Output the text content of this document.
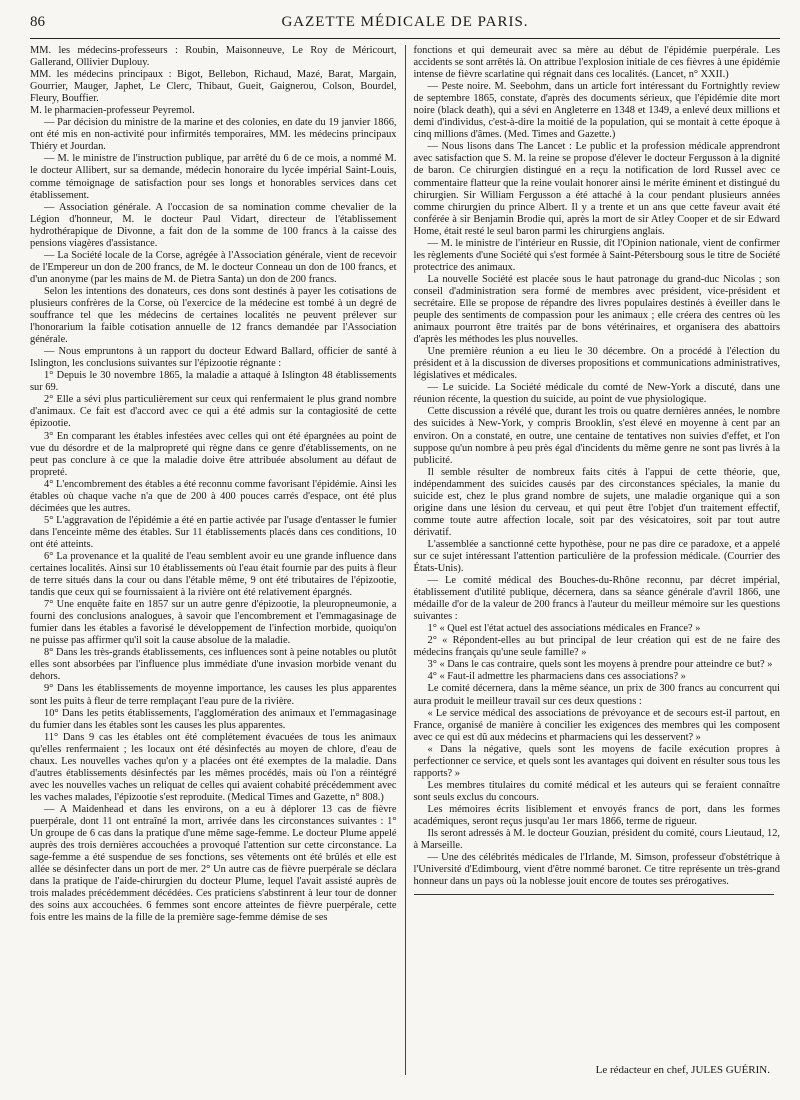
86	GAZETTE MÉDICALE DE PARIS.

MM. les médecins-professeurs : Roubin, Maisonneuve, Le Roy de Méricourt, Gallerand, Ollivier Duplouy.

MM. les médecins principaux : Bigot, Bellebon, Richaud, Mazé, Barat, Margain, Gourrier, Mauger, Japhet, Le Clerc, Thibaut, Gueit, Gaignerou, Colson, Bourdel, Fleury, Bouffier.

M. le pharmacien-professeur Peyremol.

— Par décision du ministre de la marine et des colonies, en date du 19 janvier 1866, ont été mis en non-activité pour infirmités temporaires, MM. les médecins principaux Thiéry et Jourdan.

— M. le ministre de l'instruction publique, par arrêté du 6 de ce mois, a nommé M. le docteur Allibert, sur sa demande, médecin honoraire du lycée impérial Saint-Louis, comme témoignage de satisfaction pour ses longs et honorables services dans cet établissement.

— Association générale. A l'occasion de sa nomination comme chevalier de la Légion d'honneur, M. le docteur Paul Vidart, directeur de l'établissement hydrothérapique de Divonne, a fait don de la somme de 100 francs à la caisse des pensions viagères d'assistance.

— La Société locale de la Corse, agrégée à l'Association générale, vient de recevoir de l'Empereur un don de 200 francs, de M. le docteur Conneau un don de 100 francs, et d'un anonyme (par les mains de M. de Pietra Santa) un don de 200 francs.

Selon les intentions des donateurs, ces dons sont destinés à payer les cotisations de plusieurs confrères de la Corse, où l'exercice de la médecine est tombé à un degré de souffrance tel que les médecins de certaines localités ne peuvent prélever sur l'honorarium la faible cotisation annuelle de 12 francs demandée par l'Association générale.

— Nous empruntons à un rapport du docteur Edward Ballard, officier de santé à Islington, les conclusions suivantes sur l'épizootie régnante :

1° Depuis le 30 novembre 1865, la maladie a attaqué à Islington 48 établissements sur 69.

2° Elle a sévi plus particulièrement sur ceux qui renfermaient le plus grand nombre d'animaux. Ce fait est d'accord avec ce qui a été admis sur la contagiosité de cette épizootie.

3° En comparant les étables infestées avec celles qui ont été épargnées au point de vue du désordre et de la malpropreté qui règne dans ce genre d'établissements, on ne peut pas conclure à ce que la maladie doive être attribuée absolument au défaut de propreté.

4° L'encombrement des étables a été reconnu comme favorisant l'épidémie. Ainsi les étables où chaque vache n'a que de 200 à 400 pouces carrés d'espace, ont été plus décimées que les autres.

5° L'aggravation de l'épidémie a été en partie activée par l'usage d'entasser le fumier dans l'enceinte même des étables. Sur 11 établissements placés dans ces conditions, 10 ont été atteints.

6° La provenance et la qualité de l'eau semblent avoir eu une grande influence dans certaines localités. Ainsi sur 10 établissements où l'eau était fournie par des puits à fleur de terre situés dans la cour ou dans l'étable même, 9 ont été tributaires de l'épizootie, tandis que ceux qui se fournissaient à la rivière ont été relativement épargnés.

7° Une enquête faite en 1857 sur un autre genre d'épizootie, la pleuropneumonie, a fourni des conclusions analogues, à savoir que l'encombrement et l'emmagasinage de fumier dans les étables a favorisé le développement de l'infection morbide, quoiqu'on ne puisse pas affirmer qu'il soit la cause absolue de la maladie.

8° Dans les très-grands établissements, ces influences sont à peine notables ou plutôt elles sont absorbées par l'influence plus immédiate d'une invasion morbide venant du dehors.

9° Dans les établissements de moyenne importance, les causes les plus apparentes sont les puits à fleur de terre remplaçant l'eau pure de la rivière.

10° Dans les petits établissements, l'agglomération des animaux et l'emmagasinage du fumier dans les étables sont les causes les plus apparentes.

11° Dans 9 cas les étables ont été complétement évacuées de tous les animaux qu'elles renfermaient ; les locaux ont été désinfectés au moyen de chlore, d'eau de chaux. Les nouvelles vaches qu'on y a placées ont été exemptes de la maladie. Dans d'autres établissements désinfectés par les mêmes procédés, mais où l'on a réintégré avec les nouvelles vaches un reliquat de celles qui avaient cohabité précédemment avec les vaches malades, l'épizootie s'est reproduite. (Medical Times and Gazette, n° 808.)

— A Maidenhead et dans les environs, on a eu à déplorer 13 cas de fièvre puerpérale, dont 11 ont entraîné la mort, arrivée dans les circonstances suivantes : 1° Un groupe de 6 cas dans la pratique d'une même sage-femme. Le docteur Plume appelé auprès des trois dernières accouchées a provoqué l'attention sur cette circonstance. La sage-femme a été suspendue de ses fonctions, ses vêtements ont été brûlés et elle est allée se désinfecter dans un port de mer. 2° Un autre cas de fièvre puerpérale se déclara dans la pratique de l'aide-chirurgien du docteur Plume, lequel l'avait assisté auprès de trois malades précédemment décédées. Ces praticiens s'abstinrent à leur tour de donner des soins aux accouchées. 6 femmes sont encore atteintes de fièvre puerpérale, cette fois entre les mains de la fille de la première sage-femme démise de ses

fonctions et qui demeurait avec sa mère au début de l'épidémie puerpérale. Les accidents se sont arrêtés là. On attribue l'explosion initiale de ces fièvres à une épidémie intense de fièvre scarlatine qui régnait dans ces localités. (Lancet, n° XXII.)

— Peste noire. M. Seebohm, dans un article fort intéressant du Fortnightly review de septembre 1865, constate, d'après des documents sérieux, que l'épidémie dite mort noire (black death), qui a sévi en Angleterre en 1348 et 1349, a enlevé deux millions et demi d'individus, c'est-à-dire la moitié de la population, qui se montait à cette époque à cinq millions d'âmes. (Med. Times and Gazette.)

— Nous lisons dans The Lancet : Le public et la profession médicale apprendront avec satisfaction que S. M. la reine se propose d'élever le docteur Fergusson à la dignité de baron. Ce chirurgien distingué en a reçu la notification de lord Russel avec ce commentaire flatteur que la reine voulait honorer ainsi le mérite éminent et distingué du chirurgien. Sir William Fergusson a été attaché à la cour pendant plusieurs années comme chirurgien du prince Albert. Il y a trente et un ans que cette faveur avait été conférée à sir Benjamin Brodie qui, après la mort de sir Atley Cooper et de sir Edward Home, était resté le seul baron parmi les chirurgiens anglais.

— M. le ministre de l'intérieur en Russie, dit l'Opinion nationale, vient de confirmer les règlements d'une Société qui s'est formée à Saint-Pétersbourg sous le titre de Société protectrice des animaux.

La nouvelle Société est placée sous le haut patronage du grand-duc Nicolas ; son conseil d'administration sera formé de membres avec président, vice-président et secrétaire. Elle se propose de répandre des livres populaires destinés à éveiller dans le peuple des sentiments de compassion pour les animaux ; elle créera des centres où les animaux pourront être traités par de bons vétérinaires, et organisera des abattoirs d'après les méthodes les plus nouvelles.

Une première réunion a eu lieu le 30 décembre. On a procédé à l'élection du président et à la discussion de diverses propositions et communications administratives, législatives et médicales.

— Le suicide. La Société médicale du comté de New-York a discuté, dans une réunion récente, la question du suicide, au point de vue physiologique.

Cette discussion a révélé que, durant les trois ou quatre dernières années, le nombre des suicides à New-York, y compris Brooklin, s'est élevé en moyenne à cent par an environ. On a constaté, en outre, une centaine de tentatives non suivies d'effet, et l'on suppose qu'un nombre à peu près égal d'incidents du même genre ne sont pas livrés à la publicité.

Il semble résulter de nombreux faits cités à l'appui de cette théorie, que, indépendamment des suicides causés par des circonstances spéciales, la manie du suicide est, chez le plus grand nombre de sujets, une maladie organique qui a son origine dans une lésion du cerveau, et qui peut être l'objet d'un traitement effectif, comme toute autre affection locale, soit par des vésicatoires, soit par tout autre dérivatif.

L'assemblée a sanctionné cette hypothèse, pour ne pas dire ce paradoxe, et a appelé sur ce sujet intéressant l'attention particulière de la profession médicale. (Courrier des États-Unis).

— Le comité médical des Bouches-du-Rhône reconnu, par décret impérial, établissement d'utilité publique, décernera, dans sa séance générale d'avril 1866, une médaille d'or de la valeur de 200 francs à l'auteur du meilleur mémoire sur les questions suivantes :

1° « Quel est l'état actuel des associations médicales en France? »

2° « Répondent-elles au but principal de leur création qui est de ne faire des médecins français qu'une seule famille? »

3° « Dans le cas contraire, quels sont les moyens à prendre pour atteindre ce but? »

4° « Faut-il admettre les pharmaciens dans ces associations? »

Le comité décernera, dans la même séance, un prix de 300 francs au concurrent qui aura produit le meilleur travail sur ces deux questions :

« Le service médical des associations de prévoyance et de secours est-il partout, en France, organisé de manière à concilier les exigences des membres qui les composent avec ce qui est dû aux médecins et pharmaciens qui les desservent? »

« Dans la négative, quels sont les moyens de facile exécution propres à perfectionner ce service, et quels sont les avantages qui doivent en résulter sous tous les rapports? »

Les membres titulaires du comité médical et les auteurs qui se feraient connaître sont seuls exclus du concours.

Les mémoires écrits lisiblement et envoyés francs de port, dans les formes académiques, seront reçus jusqu'au 1er mars 1866, terme de rigueur.

Ils seront adressés à M. le docteur Gouzian, président du comité, cours Lieutaud, 12, à Marseille.

— Une des célébrités médicales de l'Irlande, M. Simson, professeur d'obstétrique à l'Université d'Edimbourg, vient d'être nommé baronet. Ce titre représente un très-grand honneur dans un pays où la noblesse jouit encore de toutes ses prérogatives.

Le rédacteur en chef, JULES GUÉRIN.
